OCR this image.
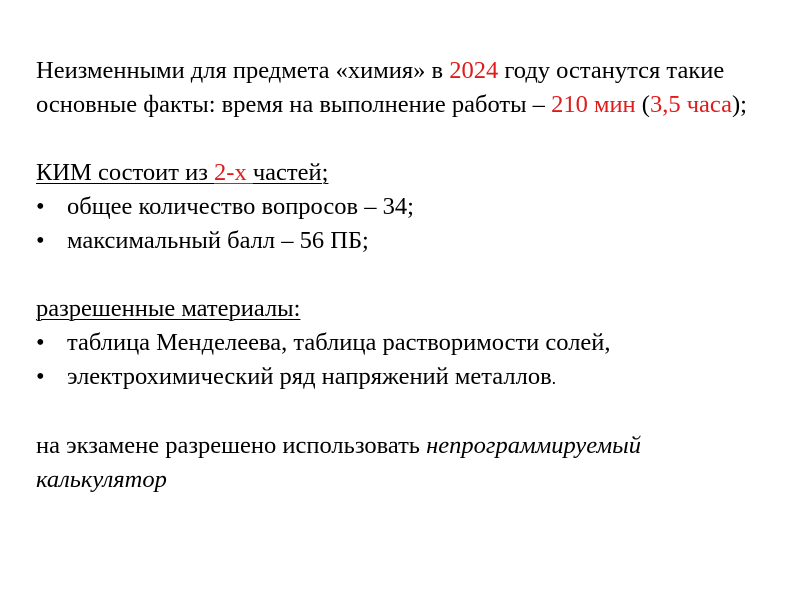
Неизменными для предмета «химия» в 2024 году останутся такие основные факты: время на выполнение работы – 210 мин (3,5 часа);

КИМ состоит из 2-х частей;

• общее количество вопросов – 34;
• максимальный балл – 56 ПБ;

разрешенные материалы:

• таблица Менделеева, таблица растворимости солей,
• электрохимический ряд напряжений металлов.

на экзамене разрешено использовать непрограммируемый калькулятор
